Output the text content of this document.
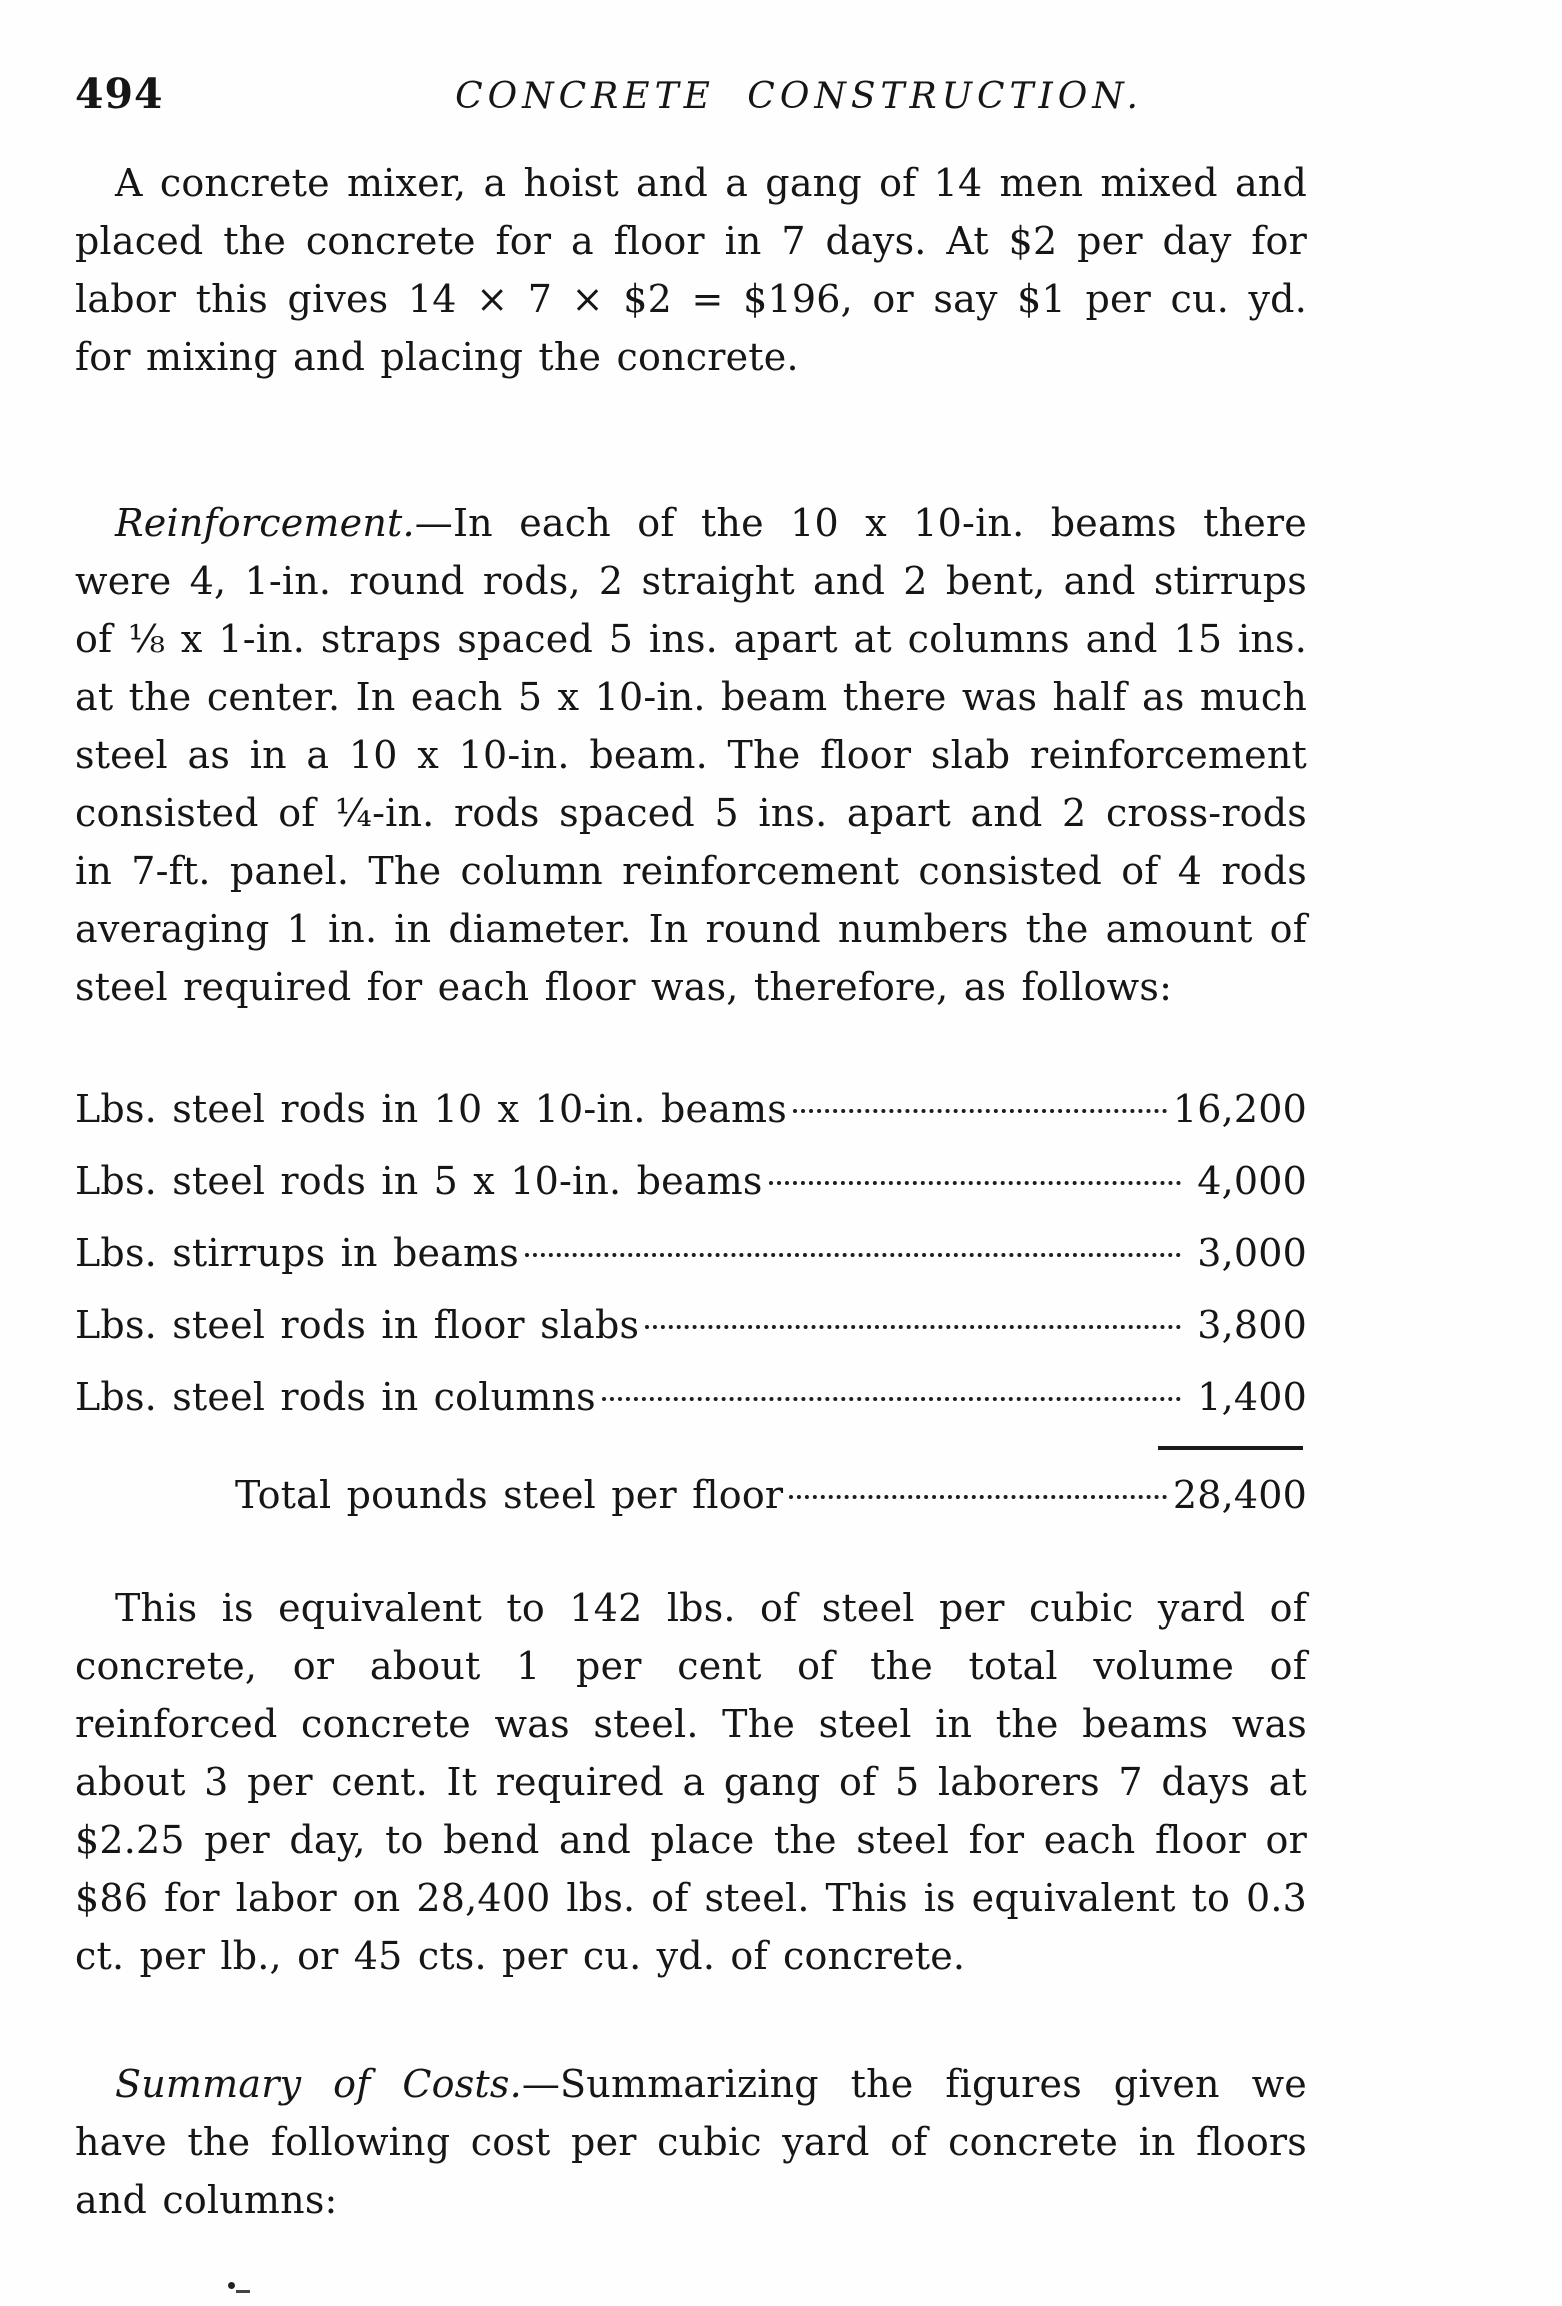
494	CONCRETE CONSTRUCTION.

A concrete mixer, a hoist and a gang of 14 men mixed and placed the concrete for a floor in 7 days. At $2 per day for labor this gives 14 × 7 × $2 = $196, or say $1 per cu. yd. for mixing and placing the concrete.

Reinforcement.—In each of the 10 x 10-in. beams there were 4, 1-in. round rods, 2 straight and 2 bent, and stirrups of ⅛ x 1-in. straps spaced 5 ins. apart at columns and 15 ins. at the center. In each 5 x 10-in. beam there was half as much steel as in a 10 x 10-in. beam. The floor slab reinforcement consisted of ¼-in. rods spaced 5 ins. apart and 2 cross-rods in 7-ft. panel. The column reinforcement consisted of 4 rods averaging 1 in. in diameter. In round numbers the amount of steel required for each floor was, therefore, as follows:

Lbs. steel rods in 10 x 10-in. beams	16,200
Lbs. steel rods in 5 x 10-in. beams	4,000
Lbs. stirrups in beams	3,000
Lbs. steel rods in floor slabs	3,800
Lbs. steel rods in columns	1,400
Total pounds steel per floor	28,400

This is equivalent to 142 lbs. of steel per cubic yard of concrete, or about 1 per cent of the total volume of reinforced concrete was steel. The steel in the beams was about 3 per cent. It required a gang of 5 laborers 7 days at $2.25 per day, to bend and place the steel for each floor or $86 for labor on 28,400 lbs. of steel. This is equivalent to 0.3 ct. per lb., or 45 cts. per cu. yd. of concrete.

Summary of Costs.—Summarizing the figures given we have the following cost per cubic yard of concrete in floors and columns:
